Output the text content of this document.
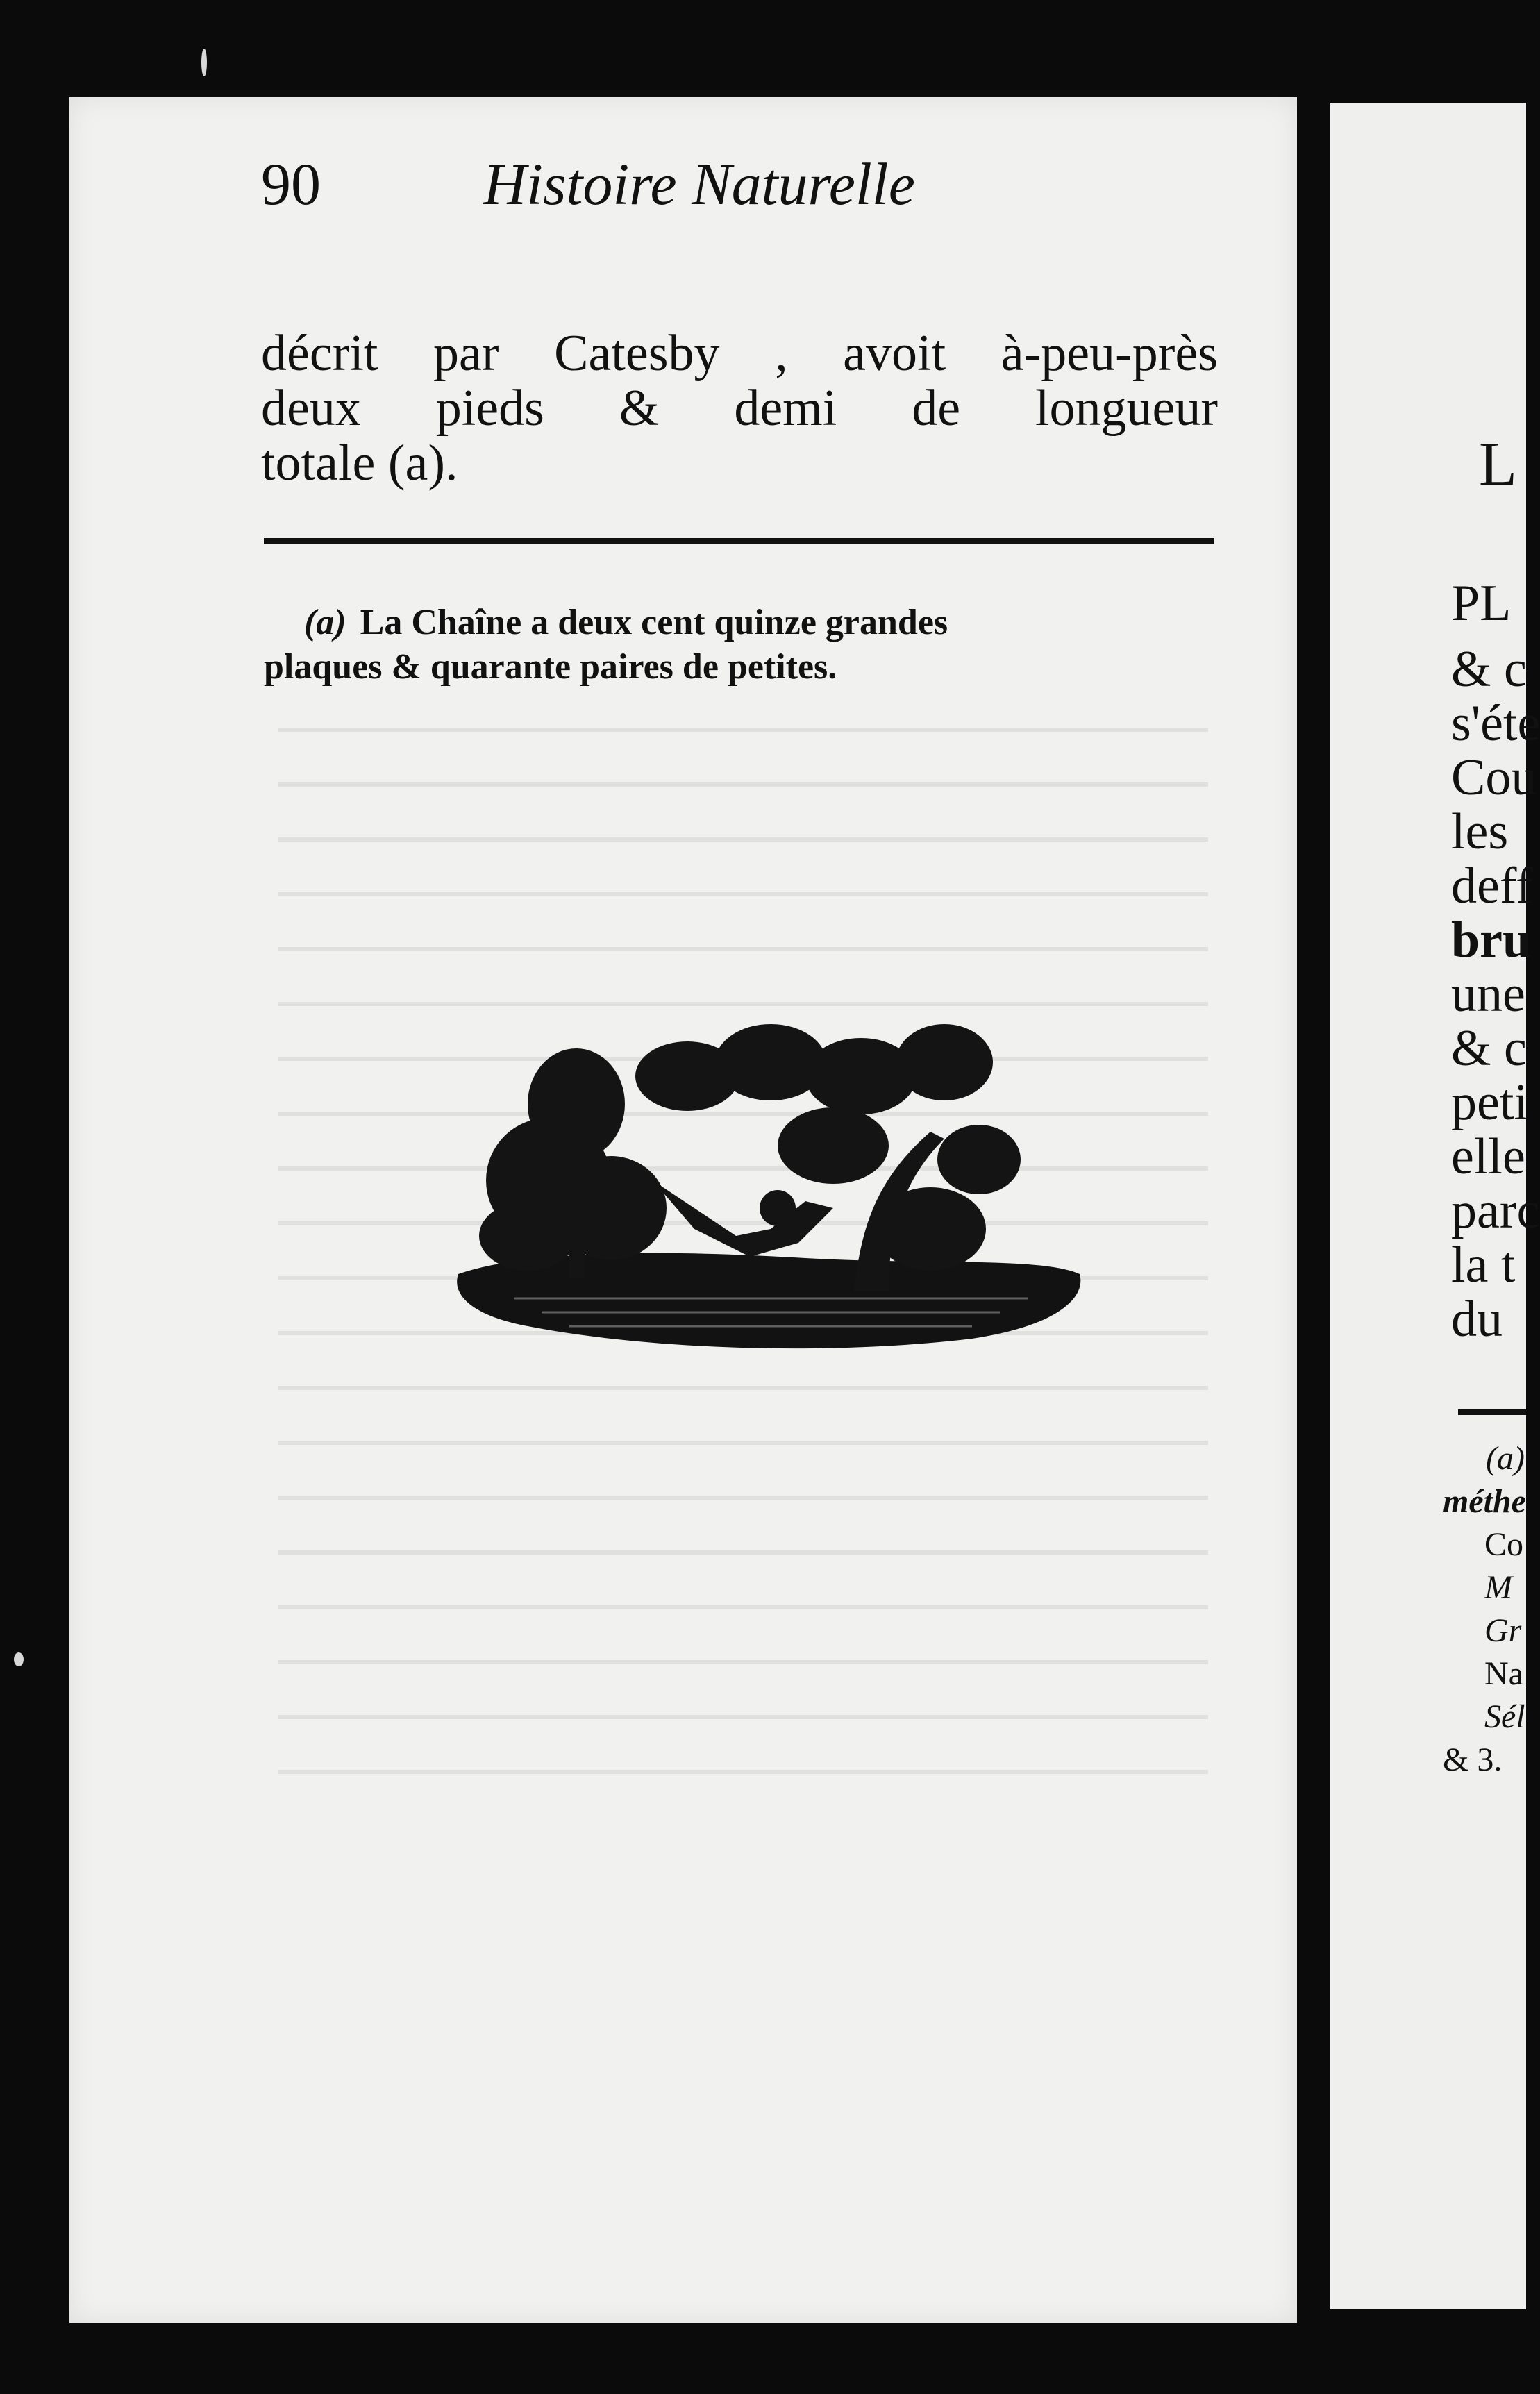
90	Histoire Naturelle
décrit par Catesby , avoit à-peu-près
deux pieds & demi de longueur
totale (a).
(a) La Chaîne a deux cent quinze grandes
plaques & quarante paires de petites.
L
PL
& c
s'éte
Cou
les
deff
bru
une
& c
peti
elle
parc
la t
du
(a)
méthe
Co
M
Gr
Na
Sél
& 3.
